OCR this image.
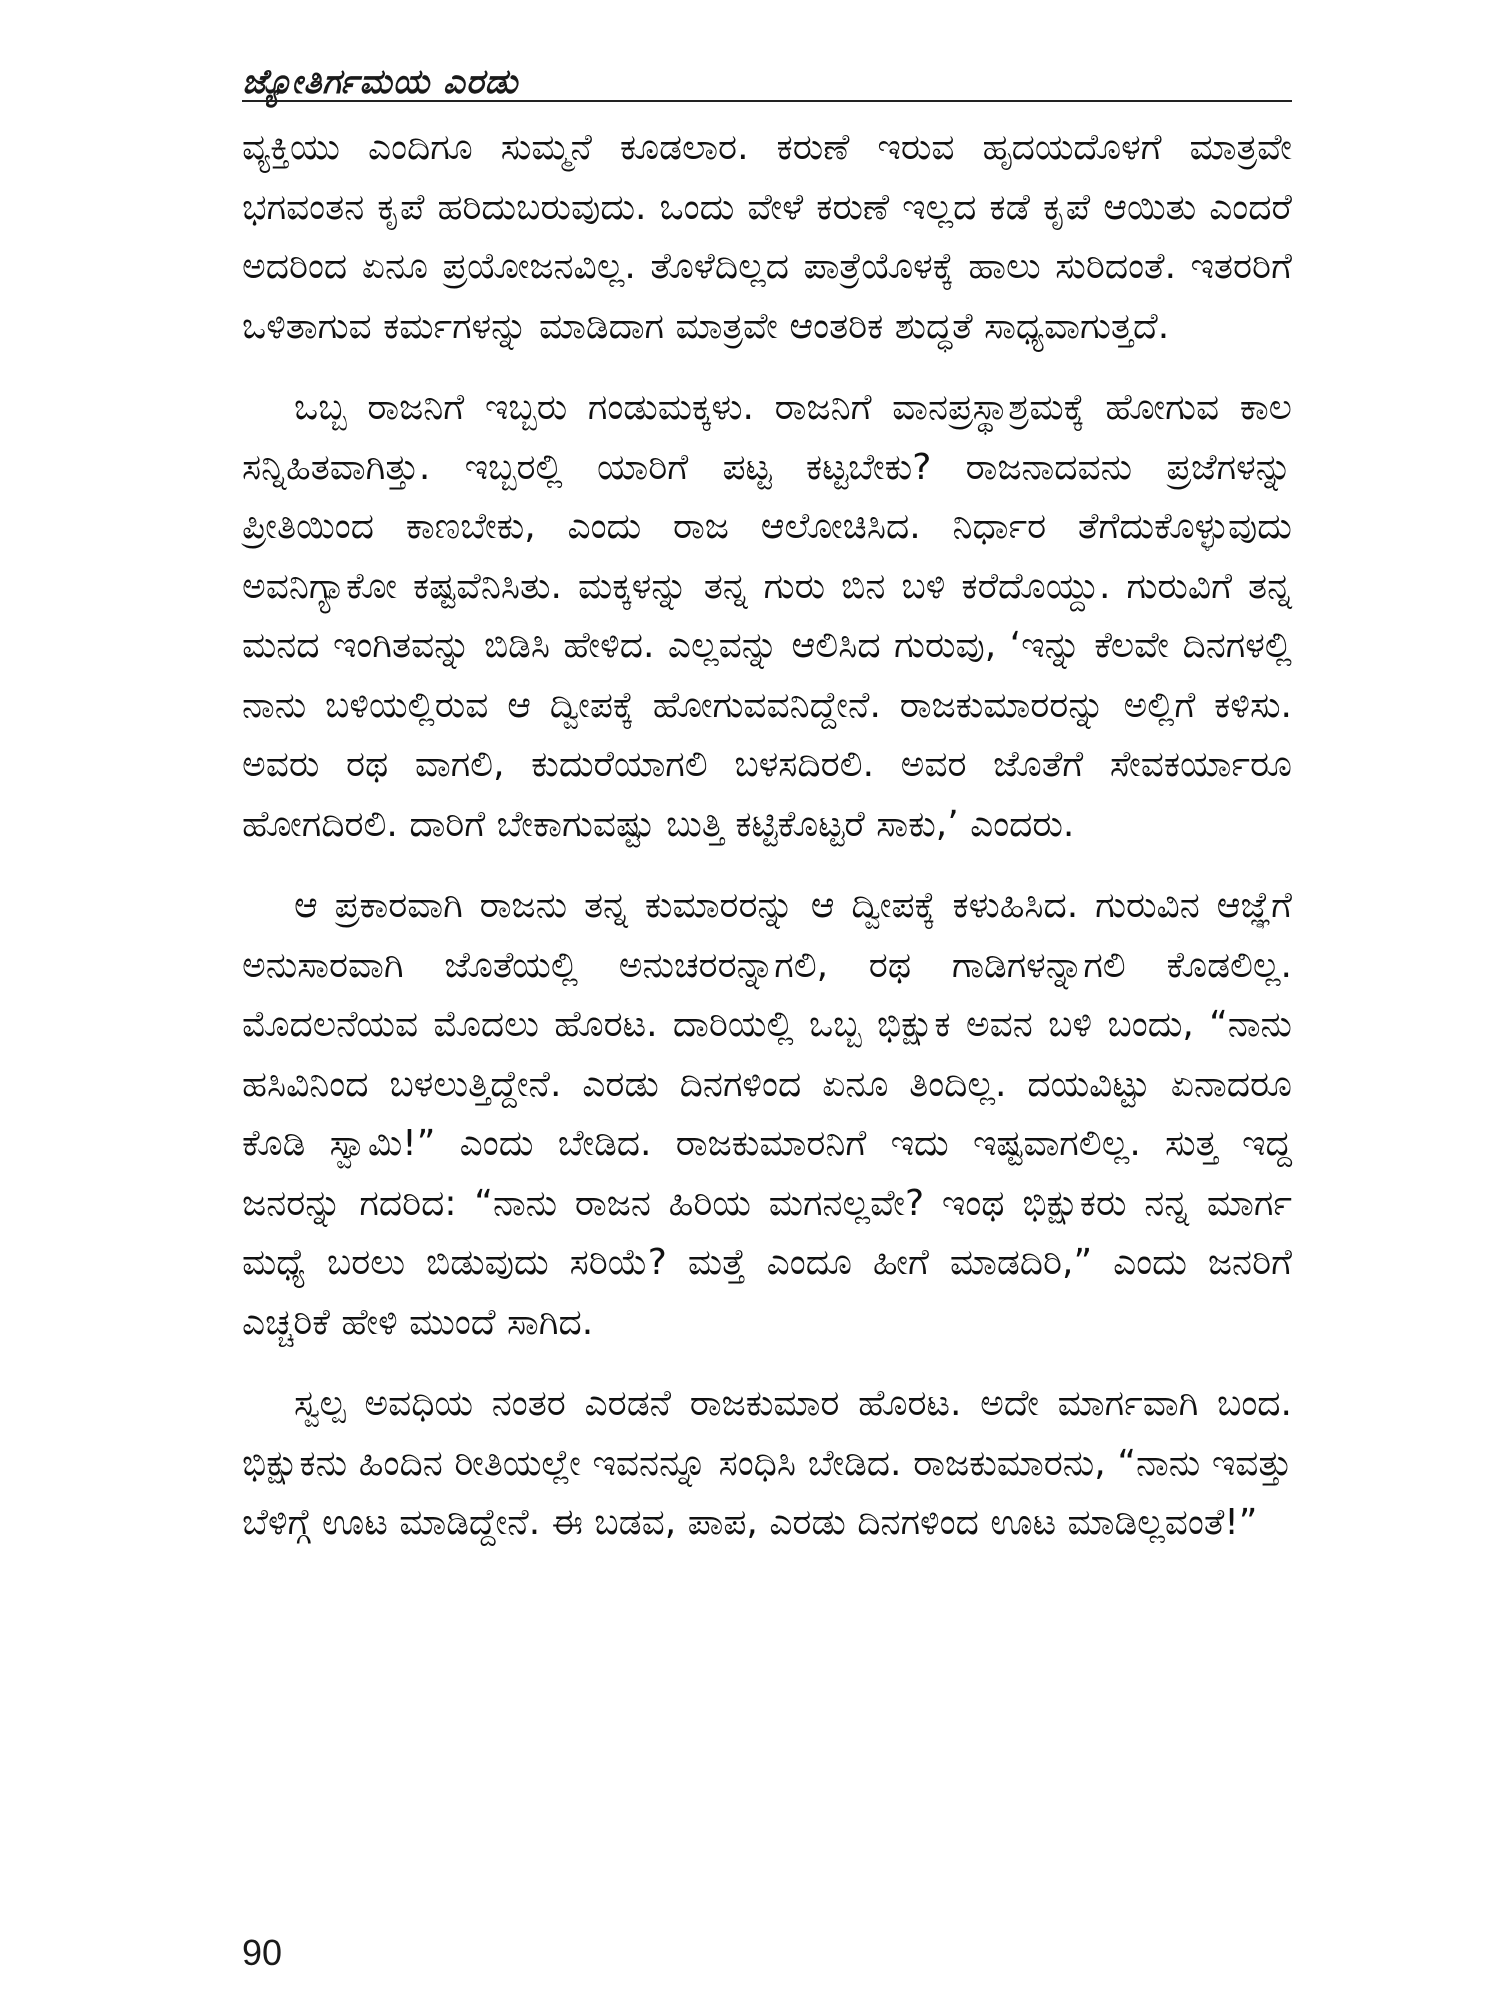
ಜ್ಯೋತಿರ್ಗಮಯ ಎರಡು

ವ್ಯಕ್ತಿಯು ಎಂದಿಗೂ ಸುಮ್ಮನೆ ಕೂಡಲಾರ. ಕರುಣೆ ಇರುವ ಹೃದಯದೊಳಗೆ ಮಾತ್ರವೇ ಭಗವಂತನ ಕೃಪೆ ಹರಿದುಬರುವುದು. ಒಂದು ವೇಳೆ ಕರುಣೆ ಇಲ್ಲದ ಕಡೆ ಕೃಪೆ ಆಯಿತು ಎಂದರೆ ಅದರಿಂದ ಏನೂ ಪ್ರಯೋಜನವಿಲ್ಲ. ತೊಳೆದಿಲ್ಲದ ಪಾತ್ರೆಯೊಳಕ್ಕೆ ಹಾಲು ಸುರಿದಂತೆ. ಇತರರಿಗೆ ಒಳಿತಾಗುವ ಕರ್ಮಗಳನ್ನು ಮಾಡಿದಾಗ ಮಾತ್ರವೇ ಆಂತರಿಕ ಶುದ್ಧತೆ ಸಾಧ್ಯವಾಗುತ್ತದೆ.

ಒಬ್ಬ ರಾಜನಿಗೆ ಇಬ್ಬರು ಗಂಡುಮಕ್ಕಳು. ರಾಜನಿಗೆ ವಾನಪ್ರಸ್ಥಾಶ್ರಮಕ್ಕೆ ಹೋಗುವ ಕಾಲ ಸನ್ನಿಹಿತವಾಗಿತ್ತು. ಇಬ್ಬರಲ್ಲಿ ಯಾರಿಗೆ ಪಟ್ಟ ಕಟ್ಟಬೇಕು? ರಾಜನಾದವನು ಪ್ರಜೆಗಳನ್ನು ಪ್ರೀತಿಯಿಂದ ಕಾಣಬೇಕು, ಎಂದು ರಾಜ ಆಲೋಚಿಸಿದ. ನಿರ್ಧಾರ ತೆಗೆದುಕೊಳ್ಳುವುದು ಅವನಿಗ್ಯಾಕೋ ಕಷ್ಟವೆನಿಸಿತು. ಮಕ್ಕಳನ್ನು ತನ್ನ ಗುರು ಬಿನ ಬಳಿ ಕರೆದೊಯ್ದು. ಗುರುವಿಗೆ ತನ್ನ ಮನದ ಇಂಗಿತವನ್ನು ಬಿಡಿಸಿ ಹೇಳಿದ. ಎಲ್ಲವನ್ನು ಆಲಿಸಿದ ಗುರುವು, ‘ಇನ್ನು ಕೆಲವೇ ದಿನಗಳಲ್ಲಿ ನಾನು ಬಳಿಯಲ್ಲಿರುವ ಆ ದ್ವೀಪಕ್ಕೆ ಹೋಗುವವನಿದ್ದೇನೆ. ರಾಜಕುಮಾರರನ್ನು ಅಲ್ಲಿಗೆ ಕಳಿಸು. ಅವರು ರಥ ವಾಗಲಿ, ಕುದುರೆಯಾಗಲಿ ಬಳಸದಿರಲಿ. ಅವರ ಜೊತೆಗೆ ಸೇವಕರ್ಯಾರೂ ಹೋಗದಿರಲಿ. ದಾರಿಗೆ ಬೇಕಾಗುವಷ್ಟು ಬುತ್ತಿ ಕಟ್ಟಿಕೊಟ್ಟರೆ ಸಾಕು,’ ಎಂದರು.

ಆ ಪ್ರಕಾರವಾಗಿ ರಾಜನು ತನ್ನ ಕುಮಾರರನ್ನು ಆ ದ್ವೀಪಕ್ಕೆ ಕಳುಹಿಸಿದ. ಗುರುವಿನ ಆಜ್ಞೆಗೆ ಅನುಸಾರವಾಗಿ ಜೊತೆಯಲ್ಲಿ ಅನುಚರರನ್ನಾಗಲಿ, ರಥ ಗಾಡಿಗಳನ್ನಾಗಲಿ ಕೊಡಲಿಲ್ಲ. ಮೊದಲನೆಯವ ಮೊದಲು ಹೊರಟ. ದಾರಿಯಲ್ಲಿ ಒಬ್ಬ ಭಿಕ್ಷುಕ ಅವನ ಬಳಿ ಬಂದು, “ನಾನು ಹಸಿವಿನಿಂದ ಬಳಲುತ್ತಿದ್ದೇನೆ. ಎರಡು ದಿನಗಳಿಂದ ಏನೂ ತಿಂದಿಲ್ಲ. ದಯವಿಟ್ಟು ಏನಾದರೂ ಕೊಡಿ ಸ್ವಾಮಿ!” ಎಂದು ಬೇಡಿದ. ರಾಜಕುಮಾರನಿಗೆ ಇದು ಇಷ್ಟವಾಗಲಿಲ್ಲ. ಸುತ್ತ ಇದ್ದ ಜನರನ್ನು ಗದರಿದ: “ನಾನು ರಾಜನ ಹಿರಿಯ ಮಗನಲ್ಲವೇ? ಇಂಥ ಭಿಕ್ಷುಕರು ನನ್ನ ಮಾರ್ಗ ಮಧ್ಯೆ ಬರಲು ಬಿಡುವುದು ಸರಿಯೆ? ಮತ್ತೆ ಎಂದೂ ಹೀಗೆ ಮಾಡದಿರಿ,” ಎಂದು ಜನರಿಗೆ ಎಚ್ಚರಿಕೆ ಹೇಳಿ ಮುಂದೆ ಸಾಗಿದ.

ಸ್ವಲ್ಪ ಅವಧಿಯ ನಂತರ ಎರಡನೆ ರಾಜಕುಮಾರ ಹೊರಟ. ಅದೇ ಮಾರ್ಗವಾಗಿ ಬಂದ. ಭಿಕ್ಷುಕನು ಹಿಂದಿನ ರೀತಿಯಲ್ಲೇ ಇವನನ್ನೂ ಸಂಧಿಸಿ ಬೇಡಿದ. ರಾಜಕುಮಾರನು, “ನಾನು ಇವತ್ತು ಬೆಳಿಗ್ಗೆ ಊಟ ಮಾಡಿದ್ದೇನೆ. ಈ ಬಡವ, ಪಾಪ, ಎರಡು ದಿನಗಳಿಂದ ಊಟ ಮಾಡಿಲ್ಲವಂತೆ!”

90
